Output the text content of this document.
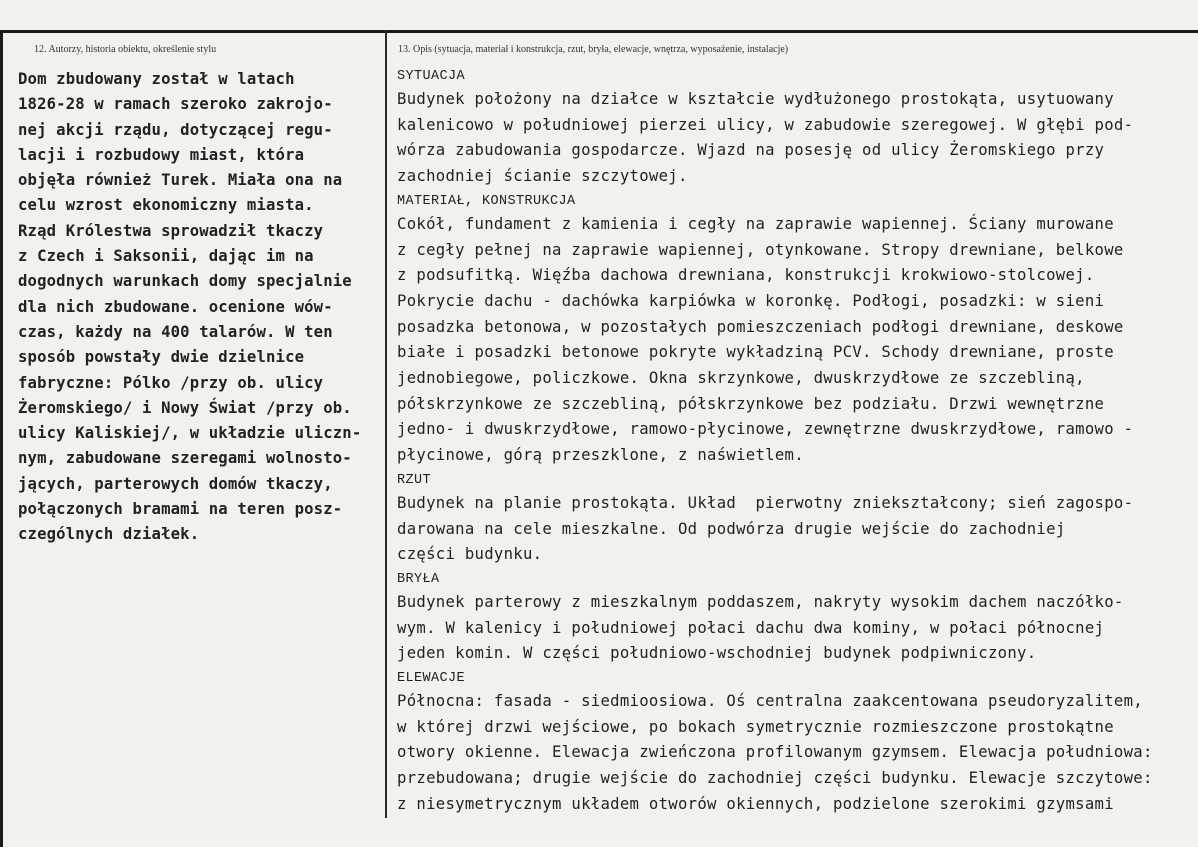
12. Autorzy, historia obiektu, określenie stylu	13. Opis (sytuacja, materiał i konstrukcja, rzut, bryła, elewacje, wnętrza, wyposażenie, instalacje)
Dom zbudowany został w latach
1826-28 w ramach szeroko zakrojo-
nej akcji rządu, dotyczącej regu-
lacji i rozbudowy miast, która
objęła również Turek. Miała ona na
celu wzrost ekonomiczny miasta.
Rząd Królestwa sprowadził tkaczy
z Czech i Saksonii, dając im na
dogodnych warunkach domy specjalnie
dla nich zbudowane. ocenione wów-
czas, każdy na 400 talarów. W ten
sposób powstały dwie dzielnice
fabryczne: Pólko /przy ob. ulicy
Żeromskiego/ i Nowy Świat /przy ob.
ulicy Kaliskiej/, w układzie uliczn-
nym, zabudowane szeregami wolnosto-
jących, parterowych domów tkaczy,
połączonych bramami na teren posz-
czególnych działek.
SYTUACJA
Budynek położony na działce w kształcie wydłużonego prostokąta, usytuowany
kalenicowo w południowej pierzei ulicy, w zabudowie szeregowej. W głębi pod-
wórza zabudowania gospodarcze. Wjazd na posesję od ulicy Żeromskiego przy
zachodniej ścianie szczytowej.
MATERIAŁ, KONSTRUKCJA
Cokół, fundament z kamienia i cegły na zaprawie wapiennej. Ściany murowane
z cegły pełnej na zaprawie wapiennej, otynkowane. Stropy drewniane, belkowe
z podsufitką. Więźba dachowa drewniana, konstrukcji krokwiowo-stolcowej.
Pokrycie dachu - dachówka karpiówka w koronkę. Podłogi, posadzki: w sieni
posadzka betonowa, w pozostałych pomieszczeniach podłogi drewniane, deskowe
białe i posadzki betonowe pokryte wykładziną PCV. Schody drewniane, proste
jednobiegowe, policzkowe. Okna skrzynkowe, dwuskrzydłowe ze szczebliną,
półskrzynkowe ze szczebliną, półskrzynkowe bez podziału. Drzwi wewnętrzne
jedno- i dwuskrzydłowe, ramowo-płycinowe, zewnętrzne dwuskrzydłowe, ramowo -
płycinowe, górą przeszklone, z naświetlem.
RZUT
Budynek na planie prostokąta. Układ  pierwotny zniekształcony; sień zagospo-
darowana na cele mieszkalne. Od podwórza drugie wejście do zachodniej
części budynku.
BRYŁA
Budynek parterowy z mieszkalnym poddaszem, nakryty wysokim dachem naczółko-
wym. W kalenicy i południowej połaci dachu dwa kominy, w połaci północnej
jeden komin. W części południowo-wschodniej budynek podpiwniczony.
ELEWACJE
Północna: fasada - siedmioosiowa. Oś centralna zaakcentowana pseudoryzalitem,
w której drzwi wejściowe, po bokach symetrycznie rozmieszczone prostokątne
otwory okienne. Elewacja zwieńczona profilowanym gzymsem. Elewacja południowa:
przebudowana; drugie wejście do zachodniej części budynku. Elewacje szczytowe:
z niesymetrycznym układem otworów okiennych, podzielone szerokimi gzymsami
